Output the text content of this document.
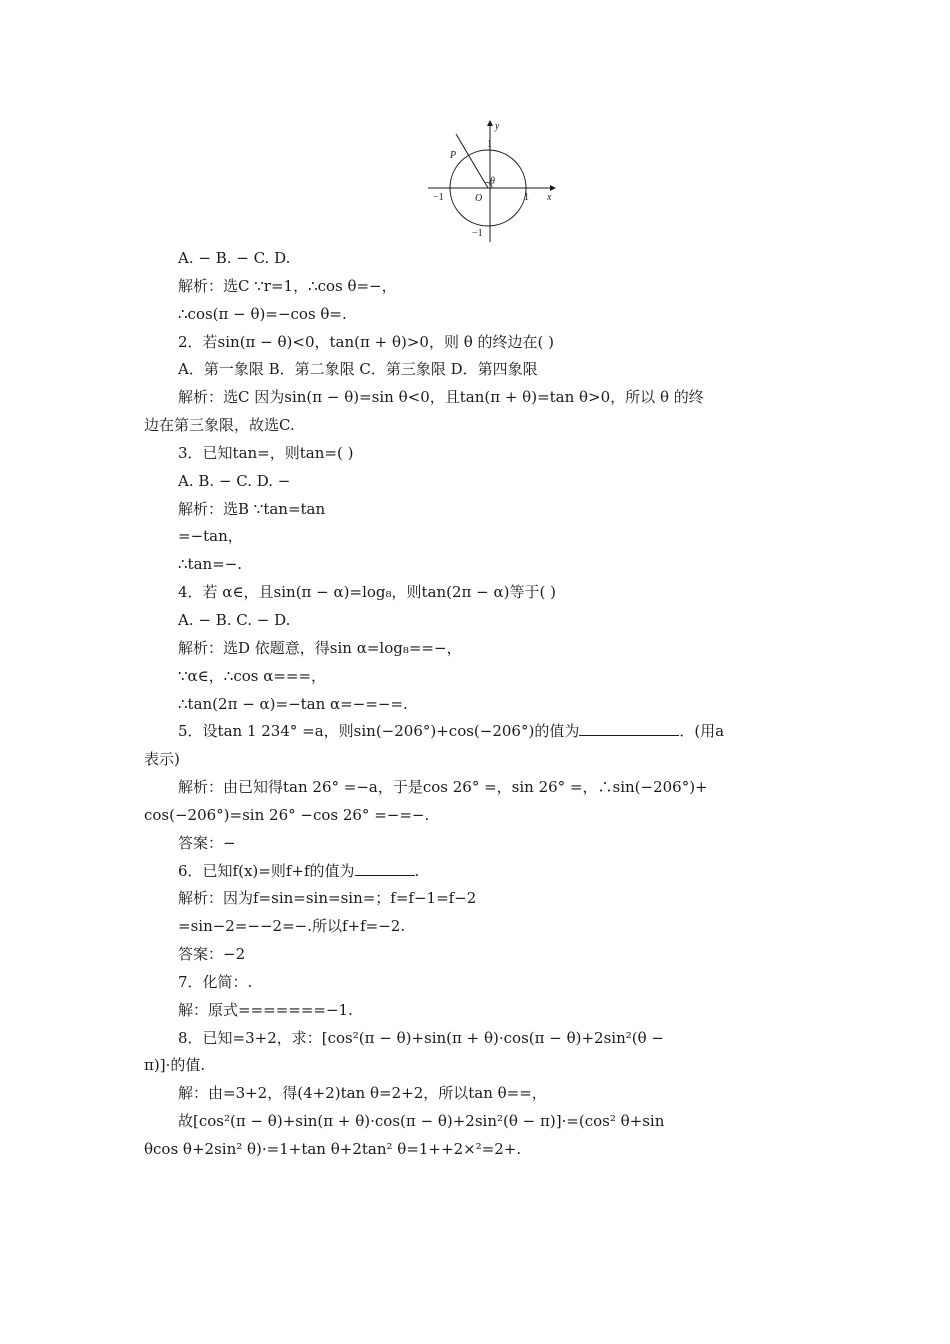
y
x
P
O
θ
1
−1
1
−1
A. − B. − C. D.
解析：选C ∵r=1，∴cos θ=−，
∴cos(π − θ)=−cos θ=.
2．若sin(π − θ)<0，tan(π + θ)>0，则 θ 的终边在( )
A．第一象限 B．第二象限 C．第三象限 D．第四象限
解析：选C 因为sin(π − θ)=sin θ<0，且tan(π + θ)=tan θ>0，所以 θ 的终
边在第三象限，故选C.
3．已知tan=，则tan=( )
A. B. − C. D. −
解析：选B ∵tan=tan
=−tan，
∴tan=−.
4．若 α∈，且sin(π − α)=log₈，则tan(2π − α)等于( )
A. − B. C. − D.
解析：选D 依题意，得sin α=log₈==−，
∵α∈，∴cos α===，
∴tan(2π − α)=−tan α=−=−=.
5．设tan 1 234° =a，则sin(−206°)+cos(−206°)的值为	．(用a
表示)
解析：由已知得tan 26° =−a，于是cos 26° =，sin 26° =，∴sin(−206°)+
cos(−206°)=sin 26° −cos 26° =−=−.
答案：−
6．已知f(x)=则f+f的值为	.
解析：因为f=sin=sin=sin=；f=f−1=f−2
=sin−2=−−2=−.所以f+f=−2.
答案：−2
7．化简：.
解：原式=======−1.
8．已知=3+2，求：[cos²(π − θ)+sin(π + θ)·cos(π − θ)+2sin²(θ −
π)]·的值.
解：由=3+2，得(4+2)tan θ=2+2，所以tan θ==，
故[cos²(π − θ)+sin(π + θ)·cos(π − θ)+2sin²(θ − π)]·=(cos² θ+sin
θcos θ+2sin² θ)·=1+tan θ+2tan² θ=1++2×²=2+.
